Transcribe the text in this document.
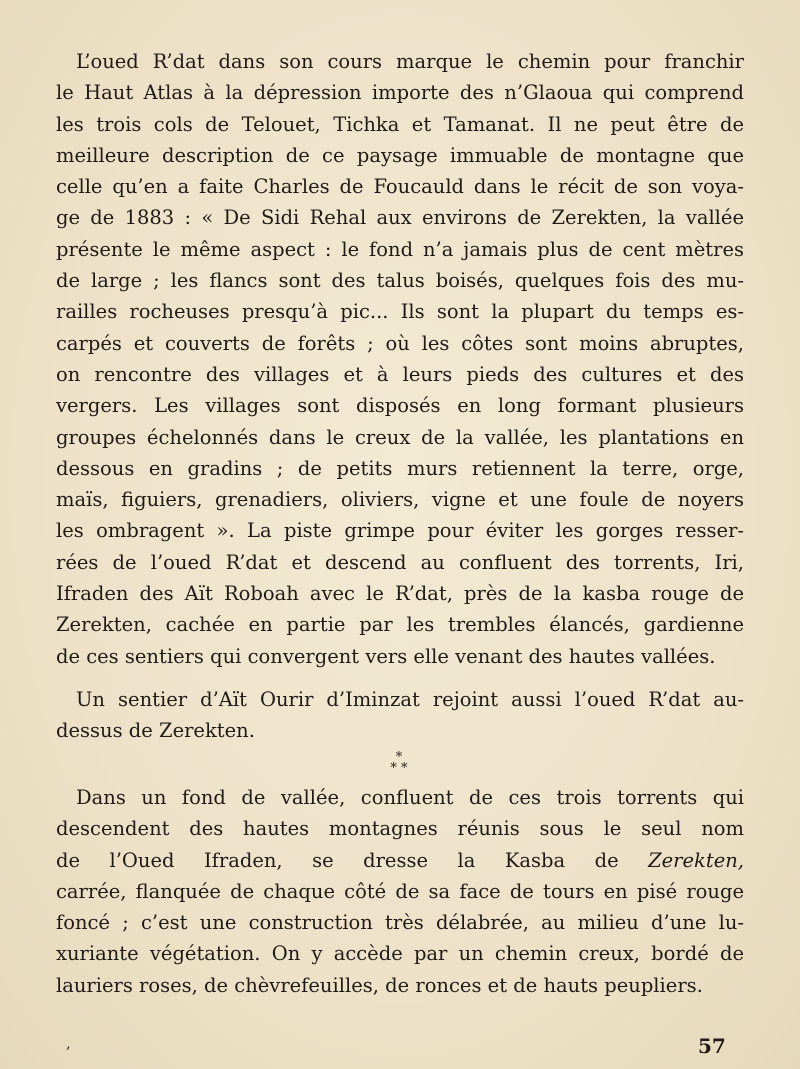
L’oued R’dat dans son cours marque le chemin pour franchir
le Haut Atlas à la dépression importe des n’Glaoua qui comprend
les trois cols de Telouet, Tichka et Tamanat. Il ne peut être de
meilleure description de ce paysage immuable de montagne que
celle qu’en a faite Charles de Foucauld dans le récit de son voya-
ge de 1883 : « De Sidi Rehal aux environs de Zerekten, la vallée
présente le même aspect : le fond n’a jamais plus de cent mètres
de large ; les flancs sont des talus boisés, quelques fois des mu-
railles rocheuses presqu’à pic... Ils sont la plupart du temps es-
carpés et couverts de forêts ; où les côtes sont moins abruptes,
on rencontre des villages et à leurs pieds des cultures et des
vergers. Les villages sont disposés en long formant plusieurs
groupes échelonnés dans le creux de la vallée, les plantations en
dessous en gradins ; de petits murs retiennent la terre, orge,
maïs, figuiers, grenadiers, oliviers, vigne et une foule de noyers
les ombragent ». La piste grimpe pour éviter les gorges resser-
rées de l’oued R’dat et descend au confluent des torrents, Iri,
Ifraden des Aït Roboah avec le R’dat, près de la kasba rouge de
Zerekten, cachée en partie par les trembles élancés, gardienne
de ces sentiers qui convergent vers elle venant des hautes vallées.
Un sentier d’Aït Ourir d’Iminzat rejoint aussi l’oued R’dat au-
dessus de Zerekten.
*
* *
Dans un fond de vallée, confluent de ces trois torrents qui
descendent des hautes montagnes réunis sous le seul nom
de l’Oued Ifraden, se dresse la Kasba de Zerekten,
carrée, flanquée de chaque côté de sa face de tours en pisé rouge
foncé ; c’est une construction très délabrée, au milieu d’une lu-
xuriante végétation. On y accède par un chemin creux, bordé de
lauriers roses, de chèvrefeuilles, de ronces et de hauts peupliers.
‚	57
